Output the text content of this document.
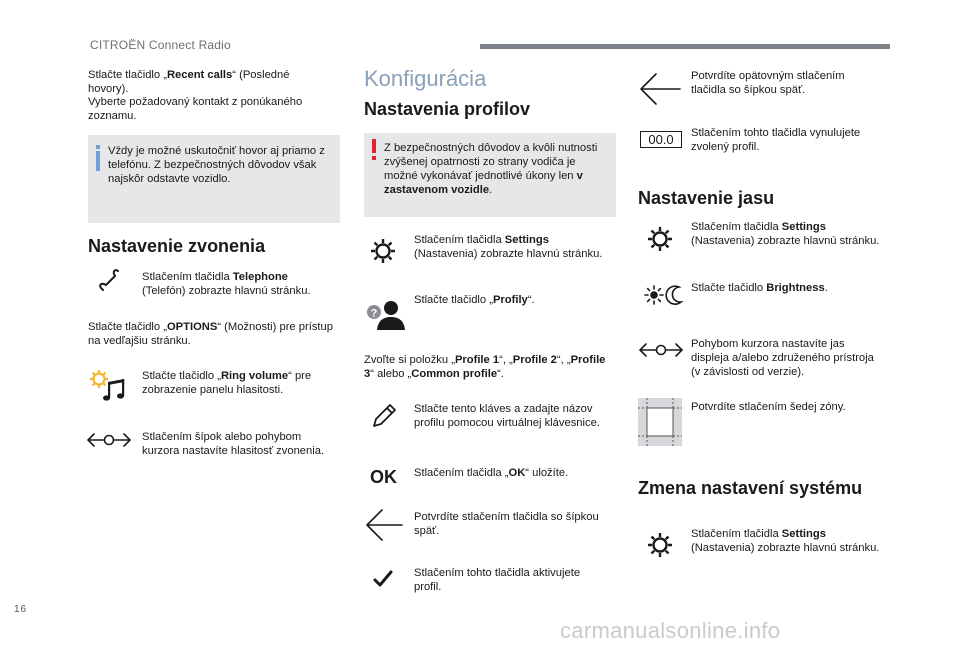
CITROËN Connect Radio
Stlačte tlačidlo „Recent calls“ (Posledné hovory).
Vyberte požadovaný kontakt z ponúkaného zoznamu.
Vždy je možné uskutočniť hovor aj priamo z telefónu. Z bezpečnostných dôvodov však najskôr odstavte vozidlo.
Nastavenie zvonenia
Stlačením tlačidla Telephone (Telefón) zobrazte hlavnú stránku.
Stlačte tlačidlo „OPTIONS“ (Možnosti) pre prístup na vedľajšiu stránku.
Stlačte tlačidlo „Ring volume“ pre zobrazenie panelu hlasitosti.
Stlačením šípok alebo pohybom kurzora nastavíte hlasitosť zvonenia.
Konfigurácia
Nastavenia profilov
Z bezpečnostných dôvodov a kvôli nutnosti zvýšenej opatrnosti zo strany vodiča je možné vykonávať jednotlivé úkony len v zastavenom vozidle.
Stlačením tlačidla Settings (Nastavenia) zobrazte hlavnú stránku.
?
Stlačte tlačidlo „Profily“.
Zvoľte si položku „Profile 1“, „Profile 2“, „Profile 3“ alebo „Common profile“.
Stlačte tento kláves a zadajte názov profilu pomocou virtuálnej klávesnice.
OK Stlačením tlačidla „OK“ uložíte.
Potvrdíte stlačením tlačidla so šípkou späť.
Stlačením tohto tlačidla aktivujete profil.
Potvrdíte opätovným stlačením tlačidla so šípkou späť.
00.0	Stlačením tohto tlačidla vynulujete zvolený profil.
Nastavenie jasu
Stlačením tlačidla Settings (Nastavenia) zobrazte hlavnú stránku.
Stlačte tlačidlo Brightness.
Pohybom kurzora nastavíte jas displeja a/alebo združeného prístroja (v závislosti od verzie).
Potvrdíte stlačením šedej zóny.
Zmena nastavení systému
Stlačením tlačidla Settings (Nastavenia) zobrazte hlavnú stránku.
16
carmanualsonline.info
